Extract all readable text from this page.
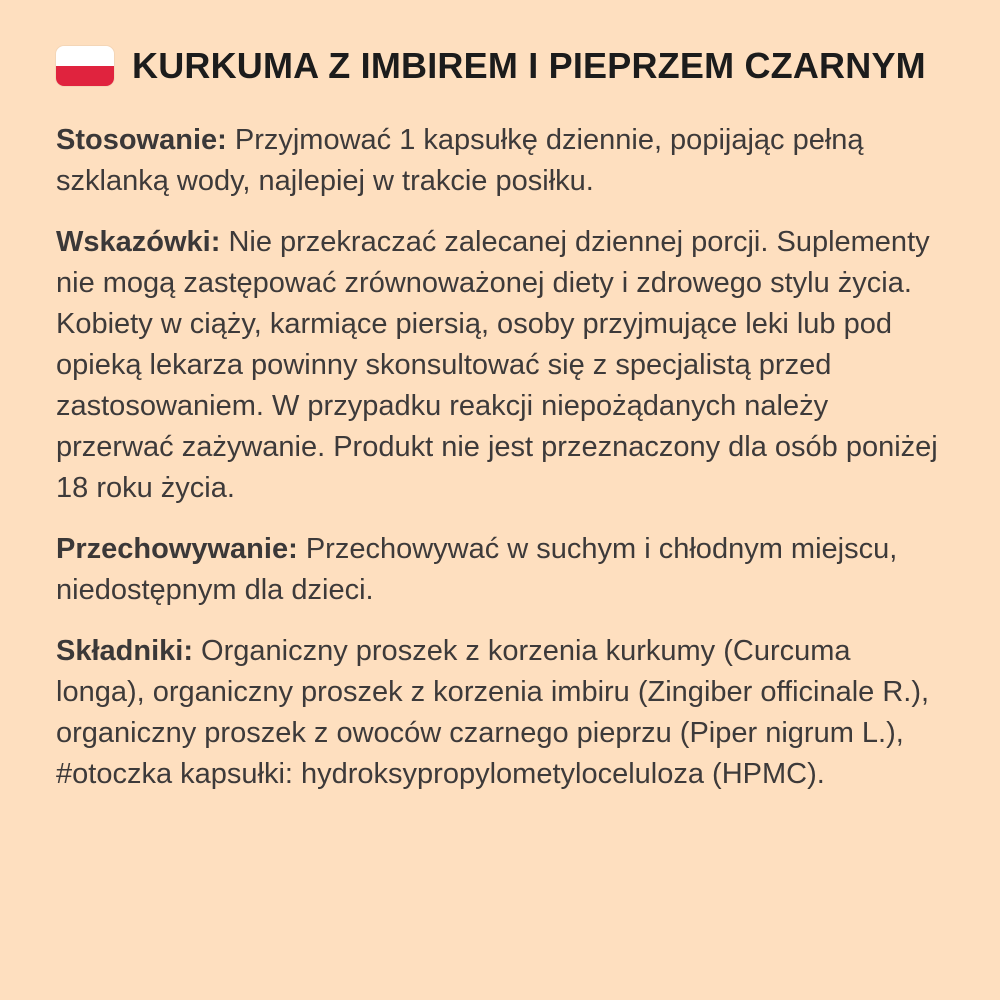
KURKUMA Z IMBIREM I PIEPRZEM CZARNYM

Stosowanie: Przyjmować 1 kapsułkę dziennie, popijając pełną szklanką wody, najlepiej w trakcie posiłku.

Wskazówki: Nie przekraczać zalecanej dziennej porcji. Suplementy nie mogą zastępować zrównoważonej diety i zdrowego stylu życia. Kobiety w ciąży, karmiące piersią, osoby przyjmujące leki lub pod opieką lekarza powinny skonsultować się z specjalistą przed zastosowaniem. W przypadku reakcji niepożądanych należy przerwać zażywanie. Produkt nie jest przeznaczony dla osób poniżej 18 roku życia.

Przechowywanie: Przechowywać w suchym i chłodnym miejscu, niedostępnym dla dzieci.

Składniki: Organiczny proszek z korzenia kurkumy (Curcuma longa), organiczny proszek z korzenia imbiru (Zingiber officinale R.), organiczny proszek z owoców czarnego pieprzu (Piper nigrum L.), #otoczka kapsułki: hydroksypropylometyloceluloza (HPMC).
